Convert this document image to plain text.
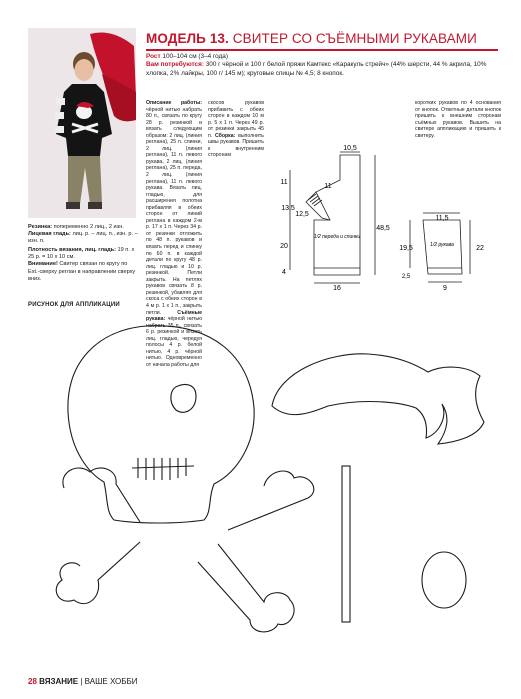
МОДЕЛЬ 13. СВИТЕР СО СЪЁМНЫМИ РУКАВАМИ
Рост 100–104 см (3–4 года)
Вам потребуются: 300 г чёрной и 100 г белой пряжи Камтекс «Каракуль стрейч» (44% шерсти, 44 % акрила, 10% хлопка, 2% лайкры, 100 г/ 145 м); круговые спицы № 4,5; 8 кнопок.
Резинка: попеременно 2 лиц., 2 изн.
Лицевая гладь: лиц. р. – лиц. п., изн. р. – изн. п.
Плотность вязания, лиц. гладь: 19 п. x 25 р. = 10 x 10 см.
Внимание! Свитер связан по кругу по Ext.-сверху реглан в направлении сверху вниз.
Описание работы: чёрной нитью набрать 80 п., связать по кругу 28 р. резинкой и вязать следующим образом: 2 лиц. (линия реглана), 25 п. спинки, 2 лиц. (линия реглана), 11 п. левого рукава, 2 лиц. (линия реглана), 25 п. переда, 2 лиц. (линия реглана), 11 п. левого рукава. Вязать лиц. гладью, для расширения полотна прибавляя в обеих сторон от линий реглана в каждом 2-м р. 17 х 1 п. Через 34 р. от резинки отложить по 48 п. рукавов и вязать перед и спинку по 60 п. в каждой детали по кругу 48 р. лиц. гладью и 10 р. резинкой. Петли закрыть. На петлях рукавов связать 8 р. резинкой, убавляя для скоса с обеих сторон в 4 м р. 1 х 1 п., закрыть петли.	Съёмные рукава: чёрной нитью набрать 35 п., связать 6 р. резинкой и вязать лиц. гладью, чередуя полосы 4 р. белой нитью, 4 р. чёрной нитью. Одновременно от начала работы для
скосов рукавов прибавить с обеих сторон в каждом 10 м р. 5 х 1 п. Через 49 р. от резинки закрыть 45 п. Сборка: выполнить швы рукавов. Пришить к внутренним сторонам
коротких рукавов по 4 основания от кнопок. Ответные детали кнопок пришить к внешним сторонам съёмных рукавов. Вышить на свитере аппликацию и пришить к свитеру.
10,5
11
11
13,5
12,5
20
4
16
48,5
1/2 переда и спинки
11,5
19,5	1/2 рукава	22
2,5
9
РИСУНОК ДЛЯ АППЛИКАЦИИ
28 ВЯЗАНИЕ | ВАШЕ ХОББИ
